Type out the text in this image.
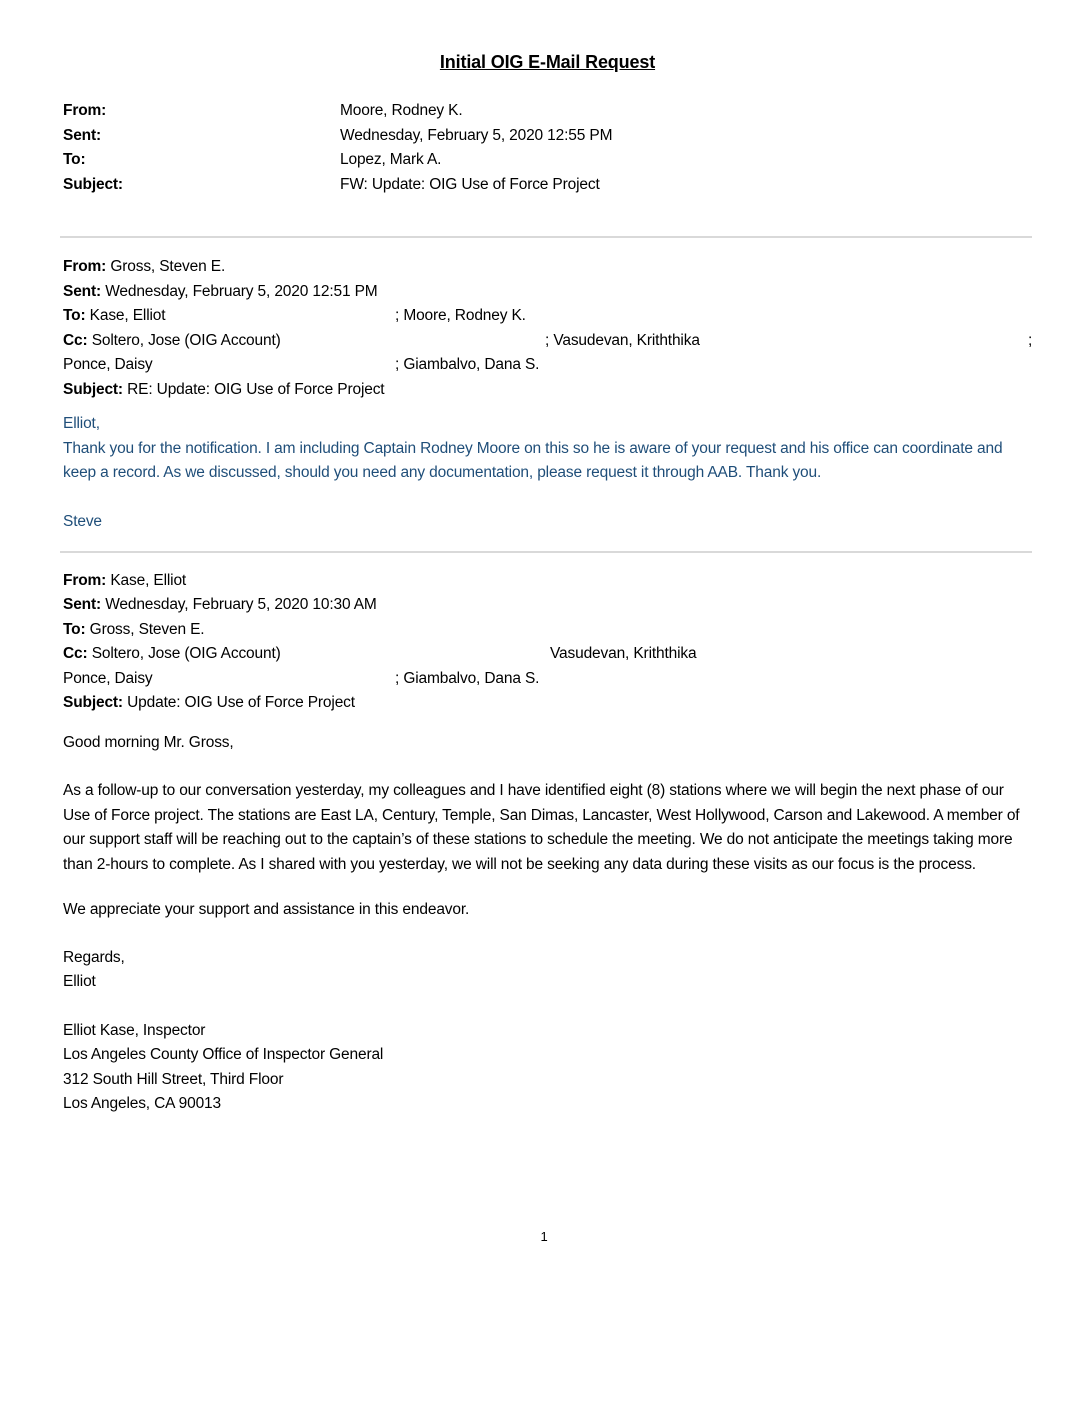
Initial OIG E-Mail Request
From:	Moore, Rodney K.
Sent:	Wednesday, February 5, 2020 12:55 PM
To:	Lopez, Mark A.
Subject:	FW: Update: OIG Use of Force Project
From: Gross, Steven E.
Sent: Wednesday, February 5, 2020 12:51 PM
To: Kase, Elliot	; Moore, Rodney K.
Cc: Soltero, Jose (OIG Account)	; Vasudevan, Kriththika	;
Ponce, Daisy	; Giambalvo, Dana S.
Subject: RE: Update: OIG Use of Force Project
Elliot,
Thank you for the notification. I am including Captain Rodney Moore on this so he is aware of your request and his office can coordinate and keep a record. As we discussed, should you need any documentation, please request it through AAB. Thank you.
Steve
From: Kase, Elliot
Sent: Wednesday, February 5, 2020 10:30 AM
To: Gross, Steven E.
Cc: Soltero, Jose (OIG Account)	Vasudevan, Kriththika
Ponce, Daisy	; Giambalvo, Dana S.
Subject: Update: OIG Use of Force Project
Good morning Mr. Gross,
As a follow-up to our conversation yesterday, my colleagues and I have identified eight (8) stations where we will begin the next phase of our Use of Force project. The stations are East LA, Century, Temple, San Dimas, Lancaster, West Hollywood, Carson and Lakewood. A member of our support staff will be reaching out to the captain’s of these stations to schedule the meeting. We do not anticipate the meetings taking more than 2-hours to complete. As I shared with you yesterday, we will not be seeking any data during these visits as our focus is the process.
We appreciate your support and assistance in this endeavor.
Regards,
Elliot
Elliot Kase, Inspector
Los Angeles County Office of Inspector General
312 South Hill Street, Third Floor
Los Angeles, CA 90013
1
